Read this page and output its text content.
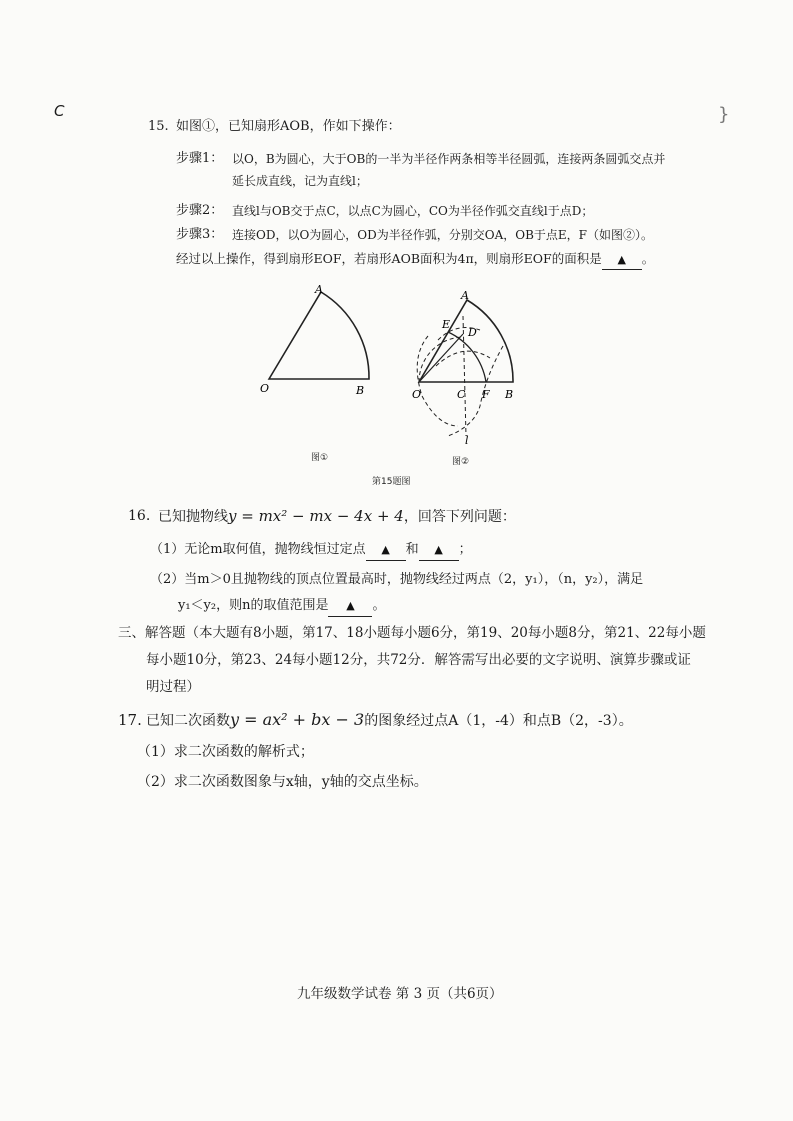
C	}
15. 如图①，已知扇形AOB，作如下操作：
步骤1： 以O，B为圆心，大于OB的一半为半径作两条相等半径圆弧，连接两条圆弧交点并
延长成直线，记为直线l；
步骤2： 直线l与OB交于点C，以点C为圆心，CO为半径作弧交直线l于点D；
步骤3： 连接OD，以O为圆心，OD为半径作弧，分别交OA，OB于点E，F（如图②）。
经过以上操作，得到扇形EOF，若扇形AOB面积为4π，则扇形EOF的面积是 ▲ 。
A
O	B
图①
A
E
D
O	C F B
l
图②
第15题图
16. 已知抛物线y = mx² − mx − 4x + 4，回答下列问题：
（1）无论m取何值，抛物线恒过定点 ▲ 和 ▲ ；
（2）当m＞0且抛物线的顶点位置最高时，抛物线经过两点（2，y₁），（n，y₂），满足
y₁＜y₂，则n的取值范围是 ▲ 。
三、解答题（本大题有8小题，第17、18小题每小题6分，第19、20每小题8分，第21、22每小题
每小题10分，第23、24每小题12分，共72分．解答需写出必要的文字说明、演算步骤或证
明过程）
17. 已知二次函数y = ax² + bx − 3的图象经过点A（1，-4）和点B（2，-3）。
（1）求二次函数的解析式；
（2）求二次函数图象与x轴，y轴的交点坐标。
九年级数学试卷 第 3 页（共6页）
